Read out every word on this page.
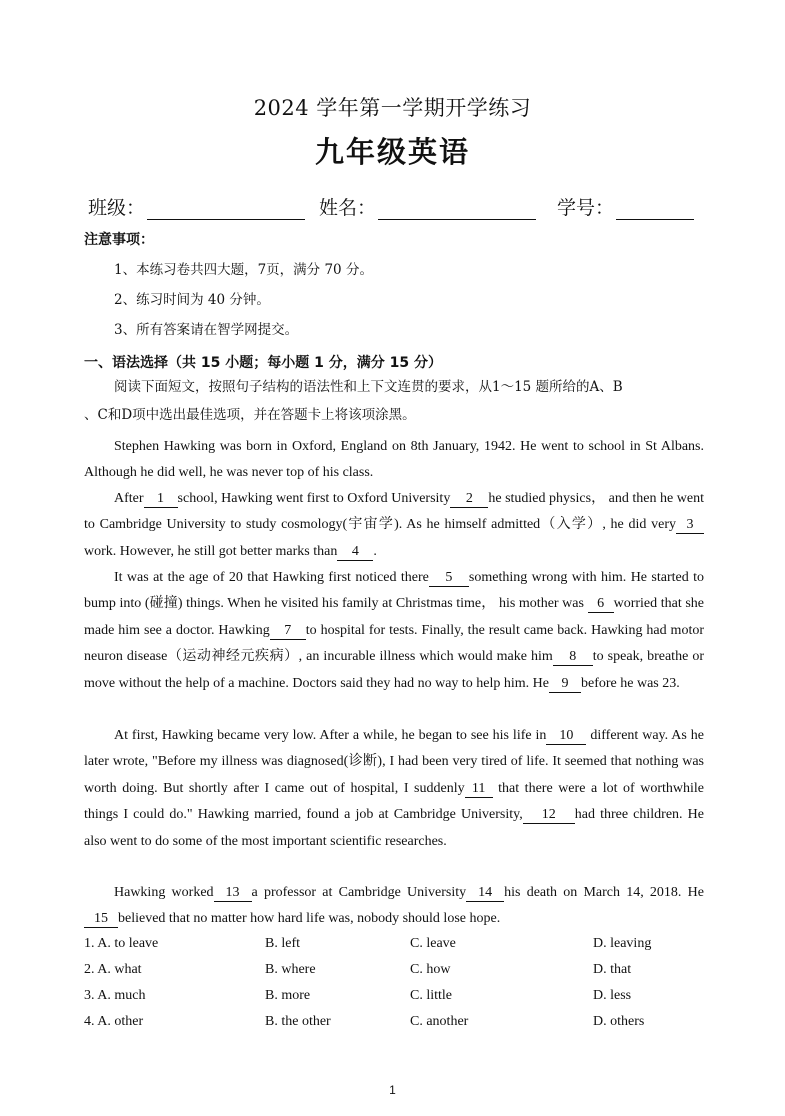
2024 学年第一学期开学练习
九年级英语
班级：	姓名：	学号：
注意事项：
1、本练习卷共四大题，7页，满分 70 分。
2、练习时间为 40 分钟。
3、所有答案请在智学网提交。
一、语法选择（共 15 小题；每小题 1 分，满分 15 分）
阅读下面短文，按照句子结构的语法性和上下文连贯的要求，从1～15 题所给的A、B
、C和D项中选出最佳选项，并在答题卡上将该项涂黑。
Stephen Hawking was born in Oxford, England on 8th January, 1942. He went to school in St Albans. Although he did well, he was never top of his class.
After 1 school, Hawking went first to Oxford University 2 he studied physics， and then he went to Cambridge University to study cosmology(宇宙学). As he himself admitted（入学）, he did very 3work. However, he still got better marks than 4 .
It was at the age of 20 that Hawking first noticed there 5 something wrong with him. He started to bump into (碰撞) things. When he visited his family at Christmas time， his mother was 6 worried that she made him see a doctor. Hawking 7 to hospital for tests. Finally, the result came back. Hawking had motor neuron disease（运动神经元疾病）, an incurable illness which would make him 8 to speak, breathe or move without the help of a machine. Doctors said they had no way to help him. He 9 before he was 23.
At first, Hawking became very low. After a while, he began to see his life in 10 different way. As he later wrote, "Before my illness was diagnosed(诊断), I had been very tired of life. It seemed that nothing was worth doing. But shortly after I came out of hospital, I suddenly 11 that there were a lot of worthwhile things I could do." Hawking married, found a job at Cambridge University, 12 had three children. He also went to do some of the most important scientific researches.
Hawking worked 13 a professor at Cambridge University 14 his death on March 14, 2018. He15 believed that no matter how hard life was, nobody should lose hope.
1. A. to leave	B. left	C. leave	D. leaving
2. A. what	B. where	C. how	D. that
3. A. much	B. more	C. little	D. less
4. A. other	B. the other	C. another	D. others
1
